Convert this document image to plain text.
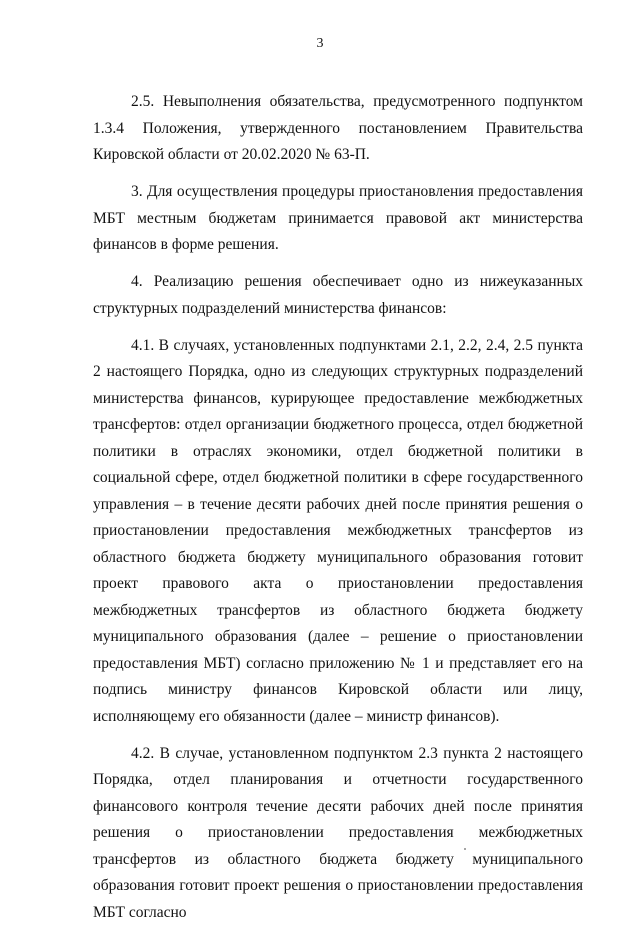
3

2.5. Невыполнения обязательства, предусмотренного подпунктом 1.3.4 Положения, утвержденного постановлением Правительства Кировской области от 20.02.2020 № 63-П.

3. Для осуществления процедуры приостановления предоставления МБТ местным бюджетам принимается правовой акт министерства финансов в форме решения.

4. Реализацию решения обеспечивает одно из нижеуказанных структурных подразделений министерства финансов:

4.1. В случаях, установленных подпунктами 2.1, 2.2, 2.4, 2.5 пункта 2 настоящего Порядка, одно из следующих структурных подразделений министерства финансов, курирующее предоставление межбюджетных трансфертов: отдел организации бюджетного процесса, отдел бюджетной политики в отраслях экономики, отдел бюджетной политики в социальной сфере, отдел бюджетной политики в сфере государственного управления – в течение десяти рабочих дней после принятия решения о приостановлении предоставления межбюджетных трансфертов из областного бюджета бюджету муниципального образования готовит проект правового акта о приостановлении предоставления межбюджетных трансфертов из областного бюджета бюджету муниципального образования (далее – решение о приостановлении предоставления МБТ) согласно приложению № 1 и представляет его на подпись министру финансов Кировской области или лицу, исполняющему его обязанности (далее – министр финансов).

4.2. В случае, установленном подпунктом 2.3 пункта 2 настоящего Порядка, отдел планирования и отчетности государственного финансового контроля течение десяти рабочих дней после принятия решения о приостановлении предоставления межбюджетных трансфертов из областного бюджета бюджету муниципального образования готовит проект решения о приостановлении предоставления МБТ согласно
